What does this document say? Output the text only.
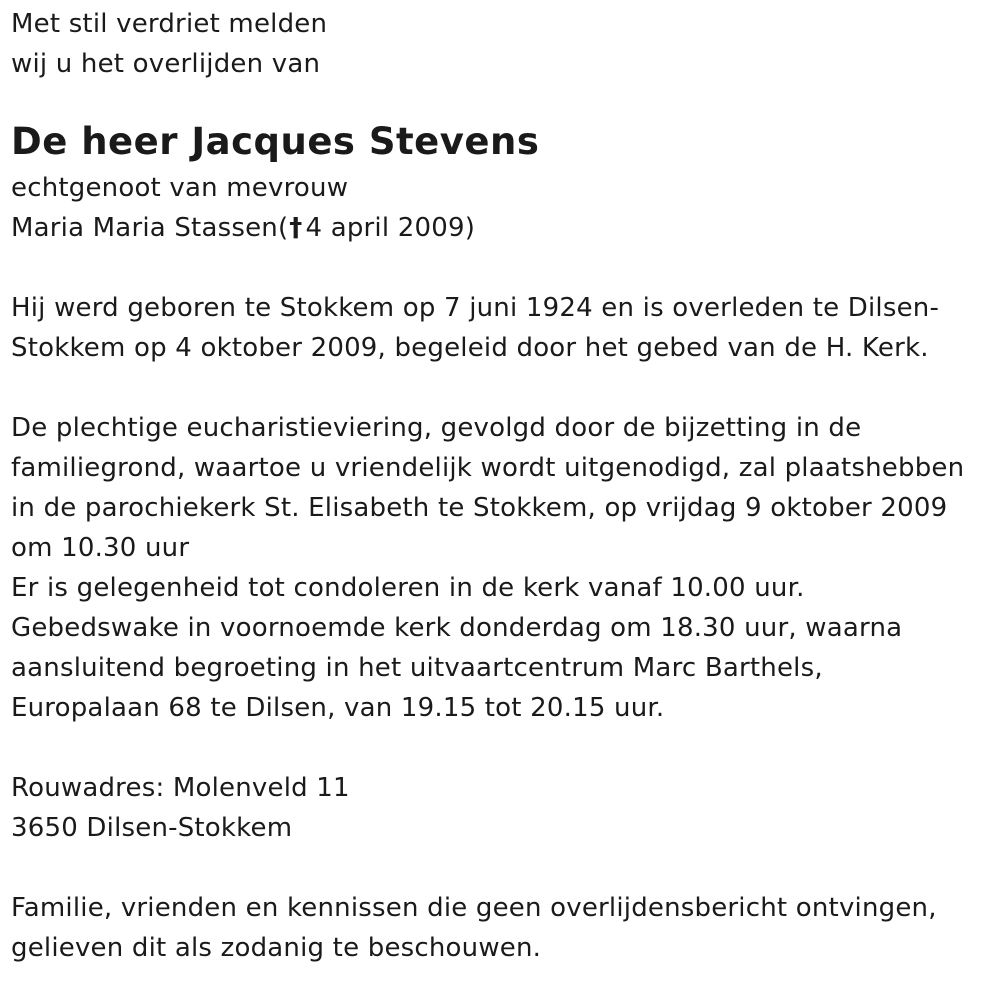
Met stil verdriet melden
wij u het overlijden van
De heer Jacques Stevens
echtgenoot van mevrouw
Maria Maria Stassen(† 4 april 2009)
Hij werd geboren te Stokkem op 7 juni 1924 en is overleden te Dilsen-
Stokkem op 4 oktober 2009, begeleid door het gebed van de H. Kerk.
De plechtige eucharistieviering, gevolgd door de bijzetting in de
familiegrond, waartoe u vriendelijk wordt uitgenodigd, zal plaatshebben
in de parochiekerk St. Elisabeth te Stokkem, op vrijdag 9 oktober 2009
om 10.30 uur
Er is gelegenheid tot condoleren in de kerk vanaf 10.00 uur.
Gebedswake in voornoemde kerk donderdag om 18.30 uur, waarna
aansluitend begroeting in het uitvaartcentrum Marc Barthels,
Europalaan 68 te Dilsen, van 19.15 tot 20.15 uur.
Rouwadres: Molenveld 11
3650 Dilsen-Stokkem
Familie, vrienden en kennissen die geen overlijdensbericht ontvingen,
gelieven dit als zodanig te beschouwen.
